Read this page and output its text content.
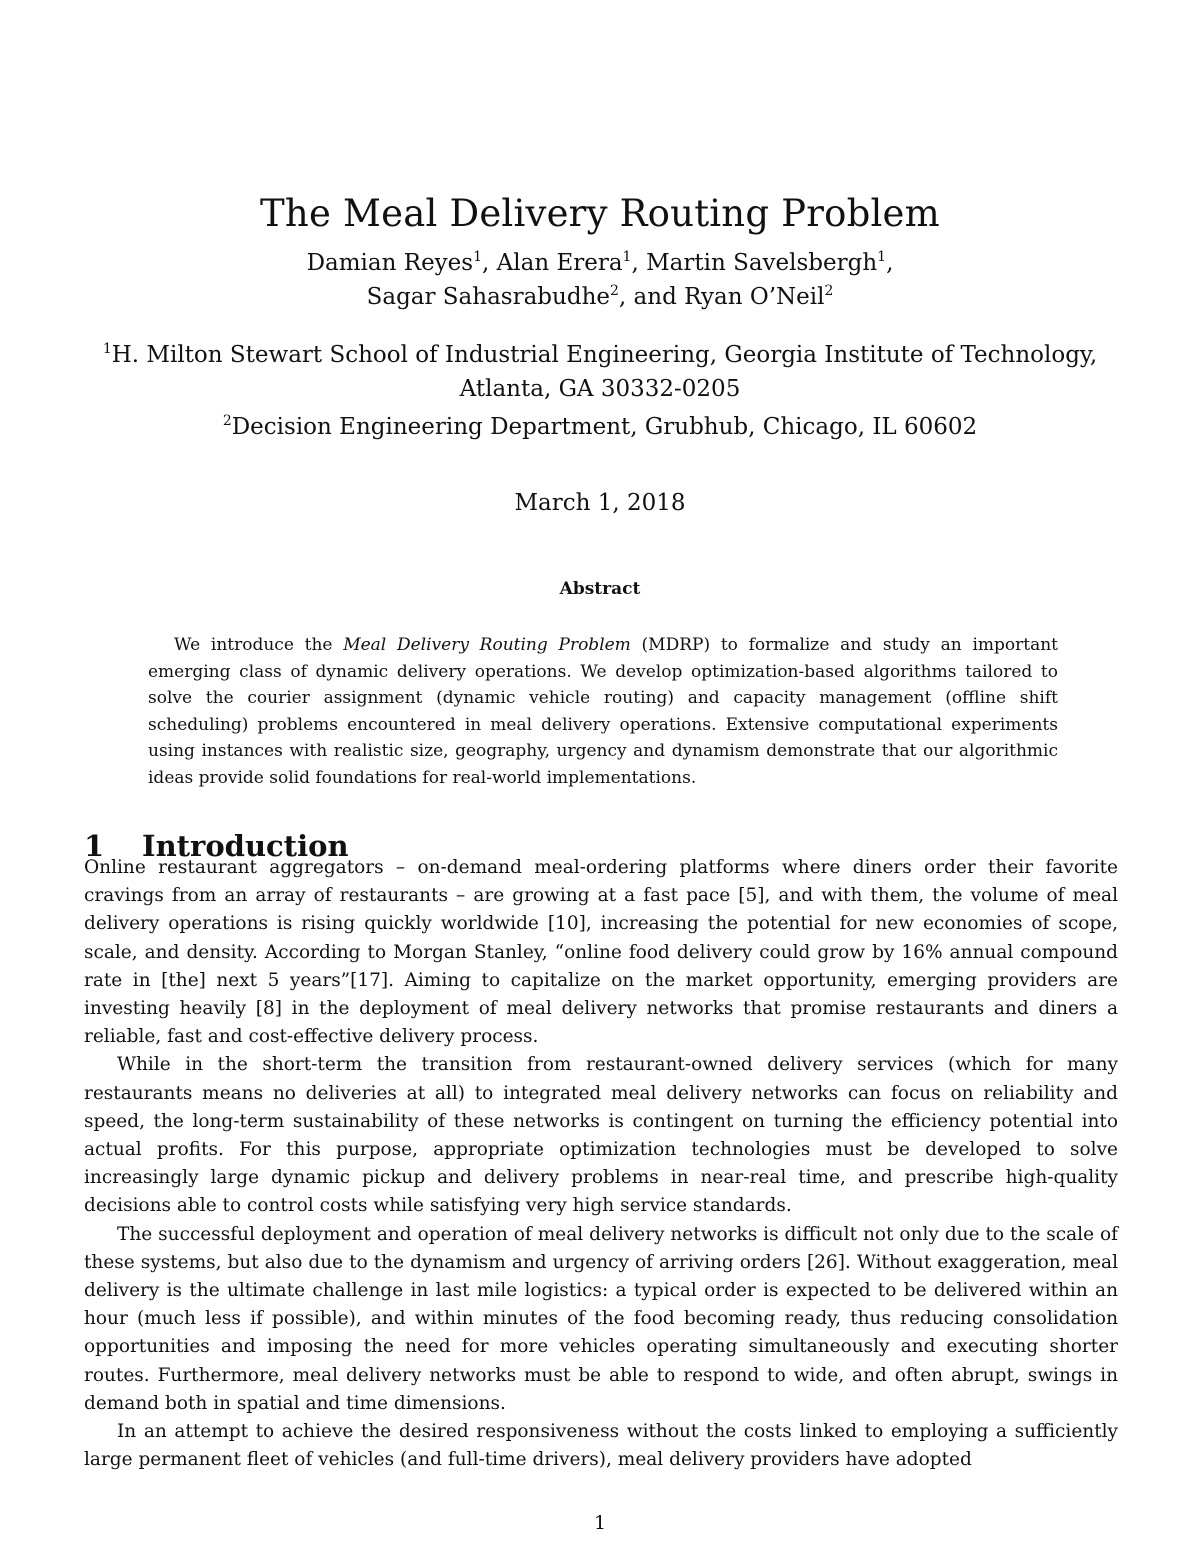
The Meal Delivery Routing Problem
Damian Reyes$^1$, Alan Erera$^1$, Martin Savelsbergh$^1$,
Sagar Sahasrabudhe$^2$, and Ryan O’Neil$^2$
$^1$H. Milton Stewart School of Industrial Engineering, Georgia Institute of Technology,
Atlanta, GA 30332-0205
$^2$Decision Engineering Department, Grubhub, Chicago, IL 60602
March 1, 2018
Abstract

We introduce the Meal Delivery Routing Problem (MDRP) to formalize and study an important emerging class of dynamic delivery operations. We develop optimization-based algorithms tailored to solve the courier assignment (dynamic vehicle routing) and capacity management (offline shift scheduling) problems encountered in meal delivery operations. Extensive computational experiments using instances with realistic size, geography, urgency and dynamism demonstrate that our algorithmic ideas provide solid foundations for real-world implementations.

1 Introduction

Online restaurant aggregators – on-demand meal-ordering platforms where diners order their favorite cravings from an array of restaurants – are growing at a fast pace [5], and with them, the volume of meal delivery operations is rising quickly worldwide [10], increasing the potential for new economies of scope, scale, and density. According to Morgan Stanley, “online food delivery could grow by 16% annual compound rate in [the] next 5 years”[17]. Aiming to capitalize on the market opportunity, emerging providers are investing heavily [8] in the deployment of meal delivery networks that promise restaurants and diners a reliable, fast and cost-effective delivery process.

While in the short-term the transition from restaurant-owned delivery services (which for many restaurants means no deliveries at all) to integrated meal delivery networks can focus on reliability and speed, the long-term sustainability of these networks is contingent on turning the efficiency potential into actual profits. For this purpose, appropriate optimization technologies must be developed to solve increasingly large dynamic pickup and delivery problems in near-real time, and prescribe high-quality decisions able to control costs while satisfying very high service standards.

The successful deployment and operation of meal delivery networks is difficult not only due to the scale of these systems, but also due to the dynamism and urgency of arriving orders [26]. Without exaggeration, meal delivery is the ultimate challenge in last mile logistics: a typical order is expected to be delivered within an hour (much less if possible), and within minutes of the food becoming ready, thus reducing consolidation opportunities and imposing the need for more vehicles operating simultaneously and executing shorter routes. Furthermore, meal delivery networks must be able to respond to wide, and often abrupt, swings in demand both in spatial and time dimensions.

In an attempt to achieve the desired responsiveness without the costs linked to employing a sufficiently large permanent fleet of vehicles (and full-time drivers), meal delivery providers have adopted

1
